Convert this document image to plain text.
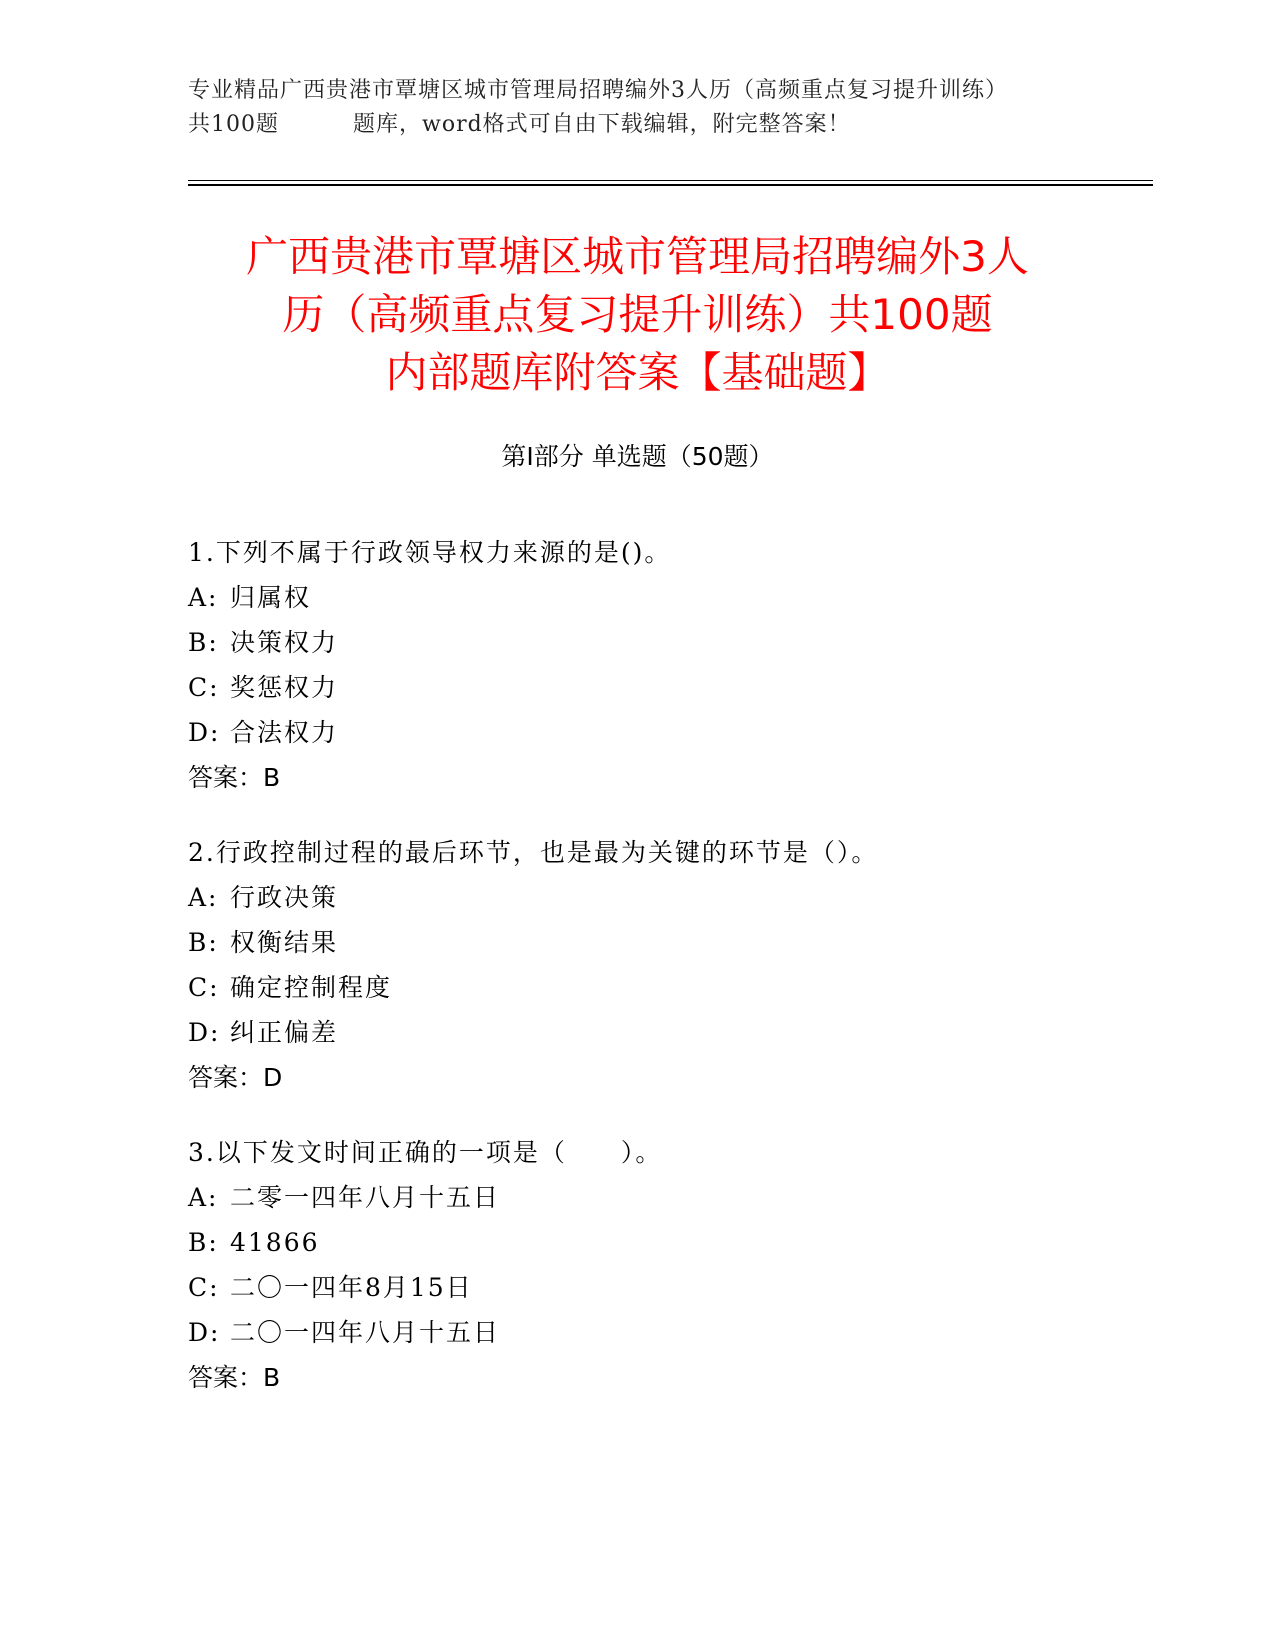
专业精品广西贵港市覃塘区城市管理局招聘编外3人历（高频重点复习提升训练）
共100题	题库，word格式可自由下载编辑，附完整答案！
广西贵港市覃塘区城市管理局招聘编外3人
历（高频重点复习提升训练）共100题
内部题库附答案【基础题】
第Ⅰ部分 单选题（50题）
1.下列不属于行政领导权力来源的是()。
A: 归属权
B: 决策权力
C: 奖惩权力
D: 合法权力
答案：B
2.行政控制过程的最后环节，也是最为关键的环节是（）。
A: 行政决策
B: 权衡结果
C: 确定控制程度
D: 纠正偏差
答案：D
3.以下发文时间正确的一项是（　　）。
A: 二零一四年八月十五日
B: 41866
C: 二〇一四年8月15日
D: 二〇一四年八月十五日
答案：B
